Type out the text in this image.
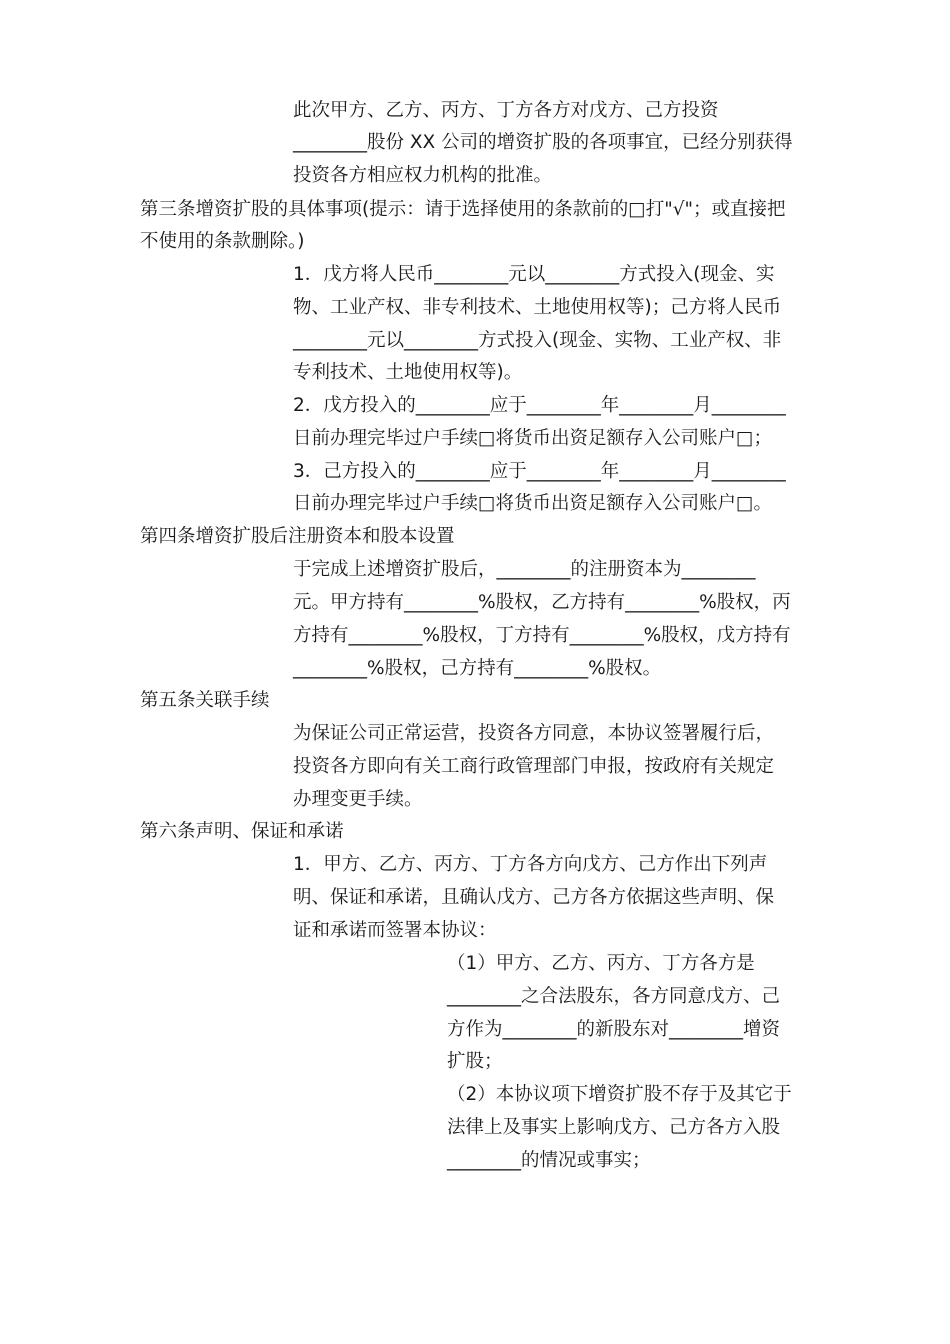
此次甲方、乙方、丙方、丁方各方对戊方、己方投资
________股份 XX 公司的增资扩股的各项事宜，已经分别获得
投资各方相应权力机构的批准。
第三条增资扩股的具体事项(提示：请于选择使用的条款前的□打"√"；或直接把
不使用的条款删除。)
1．戊方将人民币________元以________方式投入(现金、实
物、工业产权、非专利技术、土地使用权等)；己方将人民币
________元以________方式投入(现金、实物、工业产权、非
专利技术、土地使用权等)。
2．戊方投入的________应于________年________月________
日前办理完毕过户手续□将货币出资足额存入公司账户□；
3．己方投入的________应于________年________月________
日前办理完毕过户手续□将货币出资足额存入公司账户□。
第四条增资扩股后注册资本和股本设置
于完成上述增资扩股后，________的注册资本为________
元。甲方持有________%股权，乙方持有________%股权，丙
方持有________%股权，丁方持有________%股权，戊方持有
________%股权，己方持有________%股权。
第五条关联手续
为保证公司正常运营，投资各方同意，本协议签署履行后，
投资各方即向有关工商行政管理部门申报，按政府有关规定
办理变更手续。
第六条声明、保证和承诺
1．甲方、乙方、丙方、丁方各方向戊方、己方作出下列声
明、保证和承诺，且确认戊方、己方各方依据这些声明、保
证和承诺而签署本协议：
（1）甲方、乙方、丙方、丁方各方是
________之合法股东，各方同意戊方、己
方作为________的新股东对________增资
扩股；
（2）本协议项下增资扩股不存于及其它于
法律上及事实上影响戊方、己方各方入股
________的情况或事实；
